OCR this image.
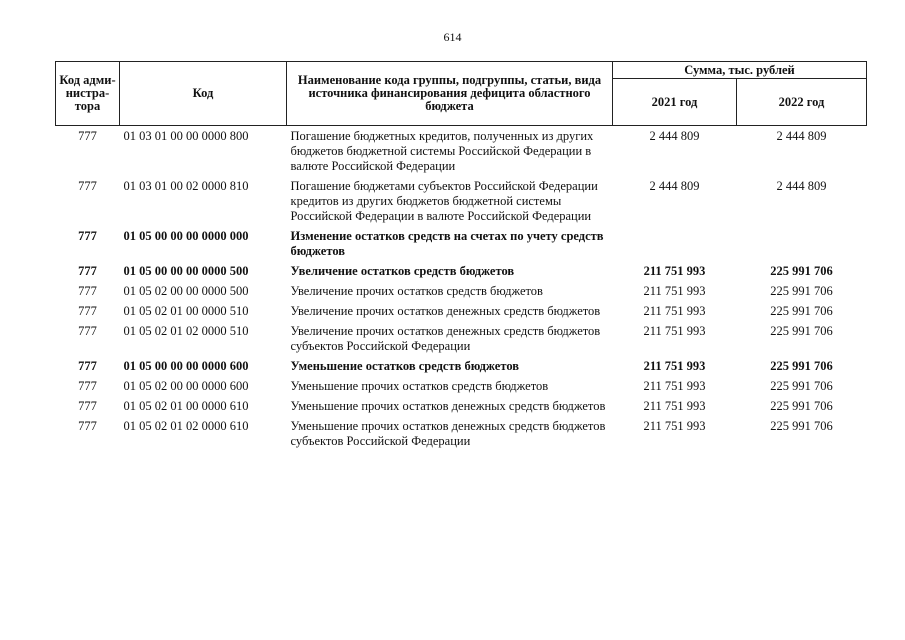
614
Код адми-нистра-тора	Код	Наименование кода группы, подгруппы, статьи, вида источника финансирования дефицита областного бюджета	Сумма, тыс. рублей	
			2021 год	2022 год
777	01 03 01 00 00 0000 800	Погашение бюджетных кредитов, полученных из других бюджетов бюджетной системы Российской Федерации в валюте Российской Федерации	2 444 809	2 444 809
777	01 03 01 00 02 0000 810	Погашение бюджетами субъектов Российской Федерации кредитов из других бюджетов бюджетной системы Российской Федерации в валюте Российской Федерации	2 444 809	2 444 809
777	01 05 00 00 00 0000 000	Изменение остатков средств на счетах по учету средств бюджетов		
777	01 05 00 00 00 0000 500	Увеличение остатков средств бюджетов	211 751 993	225 991 706
777	01 05 02 00 00 0000 500	Увеличение прочих остатков средств бюджетов	211 751 993	225 991 706
777	01 05 02 01 00 0000 510	Увеличение прочих остатков денежных средств бюджетов	211 751 993	225 991 706
777	01 05 02 01 02 0000 510	Увеличение прочих остатков денежных средств бюджетов субъектов Российской Федерации	211 751 993	225 991 706
777	01 05 00 00 00 0000 600	Уменьшение остатков средств бюджетов	211 751 993	225 991 706
777	01 05 02 00 00 0000 600	Уменьшение прочих остатков средств бюджетов	211 751 993	225 991 706
777	01 05 02 01 00 0000 610	Уменьшение прочих остатков денежных средств бюджетов	211 751 993	225 991 706
777	01 05 02 01 02 0000 610	Уменьшение прочих остатков денежных средств бюджетов субъектов Российской Федерации	211 751 993	225 991 706
